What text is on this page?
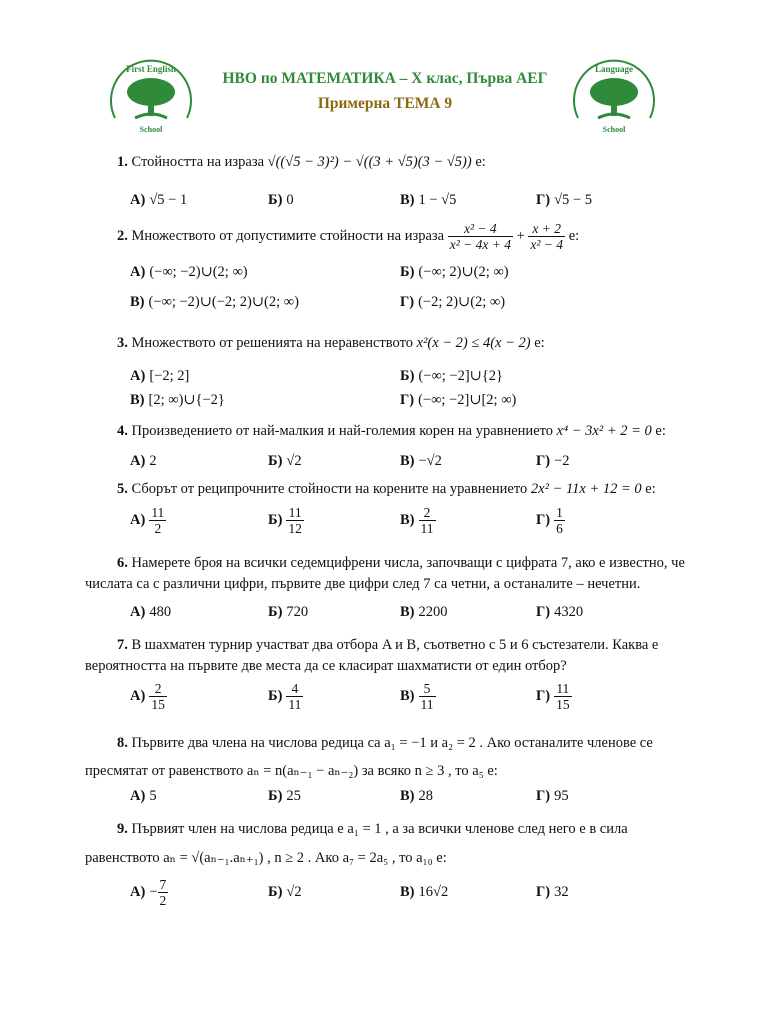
First English
School
Language
School
НВО по МАТЕМАТИКА – X клас, Първа АЕГ
Примерна ТЕМА 9
1. Стойността на израза √((√5 − 3)²) − √((3 + √5)(3 − √5)) е:
А) √5 − 1	Б) 0	В) 1 − √5	Г) √5 − 5
2. Множеството от допустимите стойности на израза $\frac{\text{x² − 4}}{\text{x² − 4x + 4}} + \frac{x + 2}{\text{x² − 4}} е$:
А) (−∞; −2)∪(2; ∞)	Б) (−∞; 2)∪(2; ∞)
В) (−∞; −2)∪(−2; 2)∪(2; ∞)	Г) (−2; 2)∪(2; ∞)
3. Множеството от решенията на неравенството x²(x − 2) ≤ 4(x − 2) е:
А) [−2; 2]	Б) (−∞; −2]∪{2}
В) [2; ∞)∪{−2}	Г) (−∞; −2]∪[2; ∞)
4. Произведението от най-малкия и най-големия корен на уравнението x⁴ − 3x² + 2 = 0 е:
А) 2	Б) √2	В) −√2	Г) −2
5. Сборът от реципрочните стойности на корените на уравнението 2x² − 11x + 12 = 0 е:
$А) \frac{11}{2}$	$Б) \frac{11}{12}$	$В) \frac{2}{11}$	$Г) \frac{1}{6}$
6. Намерете броя на всички седемцифрени числа, започващи с цифрата 7, ако е известно, че
числата са с различни цифри, първите две цифри след 7 са четни, а останалите – нечетни.
А) 480	Б) 720	В) 2200	Г) 4320
7. В шахматен турнир участват два отбора A и B, съответно с 5 и 6 състезатели. Каква е
вероятността на първите две места да се класират шахматисти от един отбор?
$А) \frac{2}{15}$	$Б) \frac{4}{11}$	$В) \frac{5}{11}$	$Г) \frac{11}{15}$
8. Първите два члена на числова редица са a₁ = −1 и a₂ = 2 . Ако останалите членове се
пресмятат от равенството aₙ = n(aₙ₋₁ − aₙ₋₂) за всяко n ≥ 3 , то a₅ е:
А) 5	Б) 25	В) 28	Г) 95
9. Първият член на числова редица е a₁ = 1 , а за всички членове след него е в сила
равенството aₙ = √(aₙ₋₁.aₙ₊₁) , n ≥ 2 . Ако a₇ = 2a₅ , то a₁₀ е:
$А) - \frac{7}{2}$	Б) √2	В) 16√2	Г) 32
